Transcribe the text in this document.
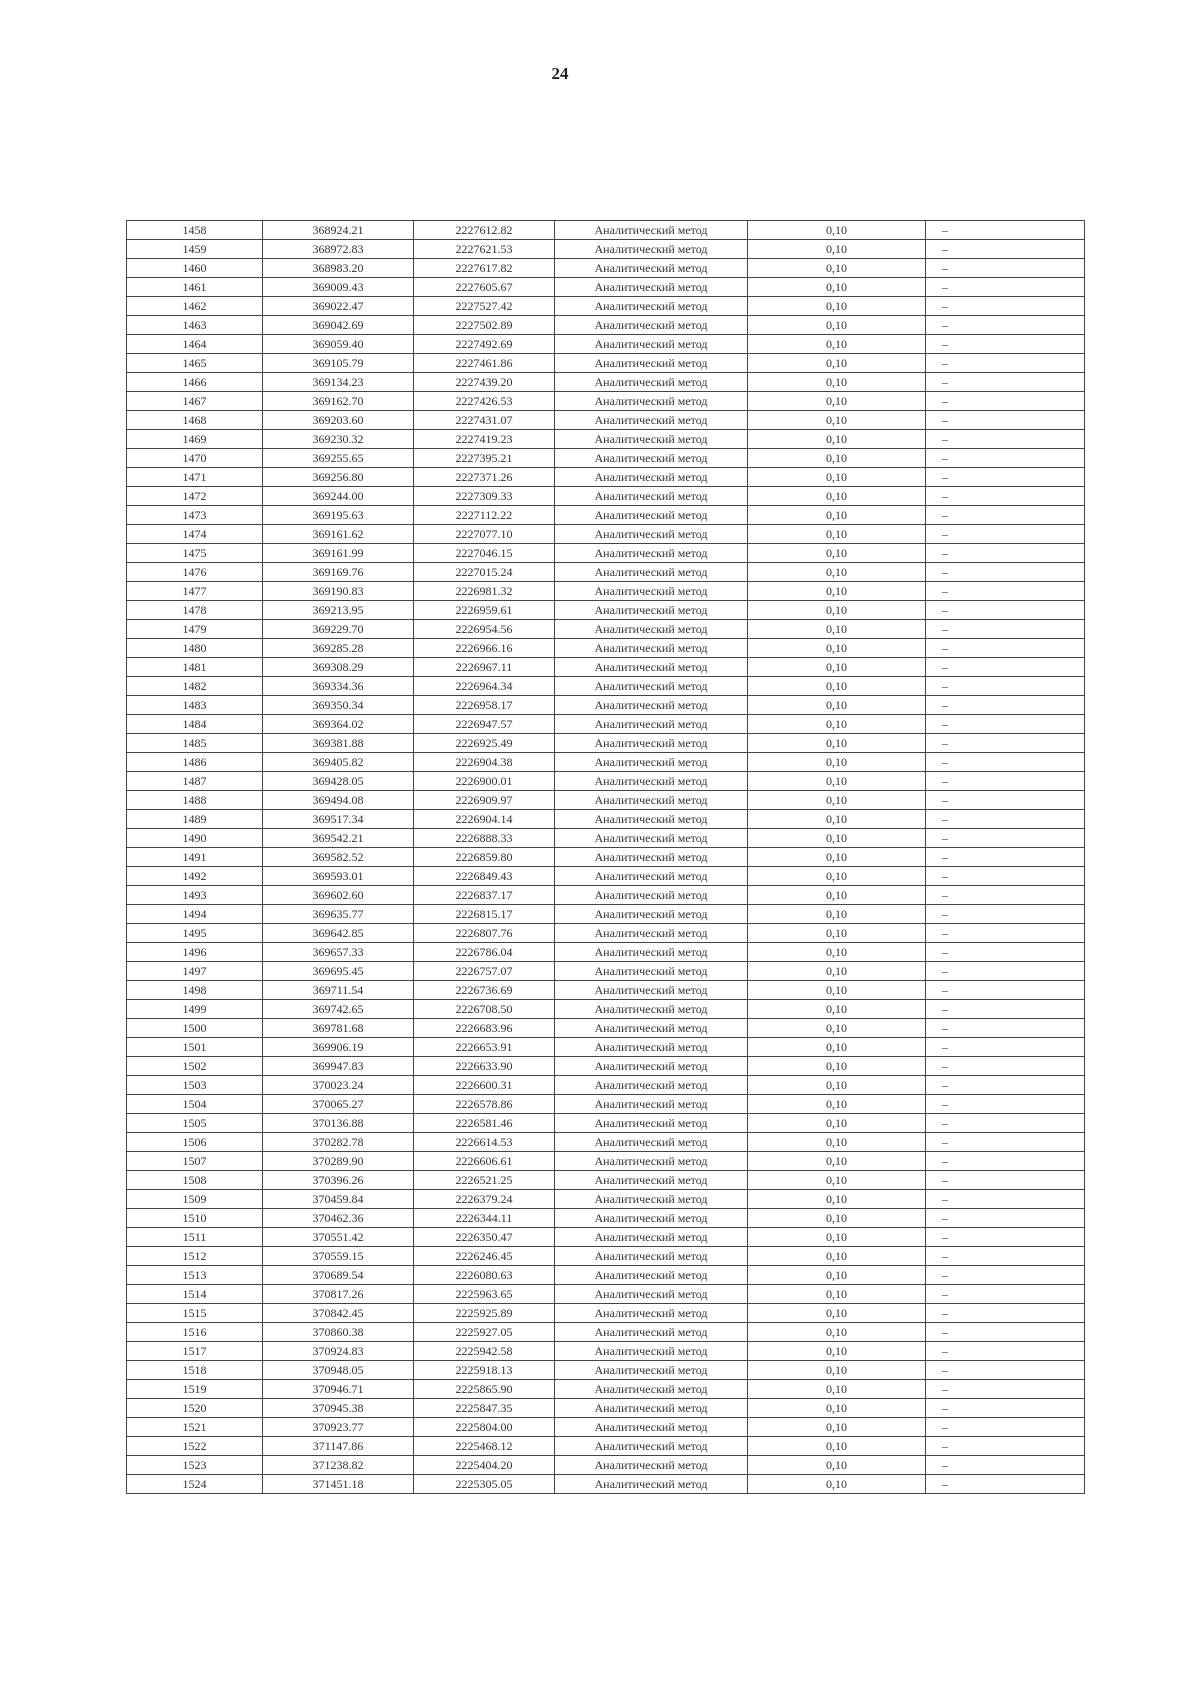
24
1458	368924.21	2227612.82	Аналитический метод	0,10	–
1459	368972.83	2227621.53	Аналитический метод	0,10	–
1460	368983.20	2227617.82	Аналитический метод	0,10	–
1461	369009.43	2227605.67	Аналитический метод	0,10	–
1462	369022.47	2227527.42	Аналитический метод	0,10	–
1463	369042.69	2227502.89	Аналитический метод	0,10	–
1464	369059.40	2227492.69	Аналитический метод	0,10	–
1465	369105.79	2227461.86	Аналитический метод	0,10	–
1466	369134.23	2227439.20	Аналитический метод	0,10	–
1467	369162.70	2227426.53	Аналитический метод	0,10	–
1468	369203.60	2227431.07	Аналитический метод	0,10	–
1469	369230.32	2227419.23	Аналитический метод	0,10	–
1470	369255.65	2227395.21	Аналитический метод	0,10	–
1471	369256.80	2227371.26	Аналитический метод	0,10	–
1472	369244.00	2227309.33	Аналитический метод	0,10	–
1473	369195.63	2227112.22	Аналитический метод	0,10	–
1474	369161.62	2227077.10	Аналитический метод	0,10	–
1475	369161.99	2227046.15	Аналитический метод	0,10	–
1476	369169.76	2227015.24	Аналитический метод	0,10	–
1477	369190.83	2226981.32	Аналитический метод	0,10	–
1478	369213.95	2226959.61	Аналитический метод	0,10	–
1479	369229.70	2226954.56	Аналитический метод	0,10	–
1480	369285.28	2226966.16	Аналитический метод	0,10	–
1481	369308.29	2226967.11	Аналитический метод	0,10	–
1482	369334.36	2226964.34	Аналитический метод	0,10	–
1483	369350.34	2226958.17	Аналитический метод	0,10	–
1484	369364.02	2226947.57	Аналитический метод	0,10	–
1485	369381.88	2226925.49	Аналитический метод	0,10	–
1486	369405.82	2226904.38	Аналитический метод	0,10	–
1487	369428.05	2226900.01	Аналитический метод	0,10	–
1488	369494.08	2226909.97	Аналитический метод	0,10	–
1489	369517.34	2226904.14	Аналитический метод	0,10	–
1490	369542.21	2226888.33	Аналитический метод	0,10	–
1491	369582.52	2226859.80	Аналитический метод	0,10	–
1492	369593.01	2226849.43	Аналитический метод	0,10	–
1493	369602.60	2226837.17	Аналитический метод	0,10	–
1494	369635.77	2226815.17	Аналитический метод	0,10	–
1495	369642.85	2226807.76	Аналитический метод	0,10	–
1496	369657.33	2226786.04	Аналитический метод	0,10	–
1497	369695.45	2226757.07	Аналитический метод	0,10	–
1498	369711.54	2226736.69	Аналитический метод	0,10	–
1499	369742.65	2226708.50	Аналитический метод	0,10	–
1500	369781.68	2226683.96	Аналитический метод	0,10	–
1501	369906.19	2226653.91	Аналитический метод	0,10	–
1502	369947.83	2226633.90	Аналитический метод	0,10	–
1503	370023.24	2226600.31	Аналитический метод	0,10	–
1504	370065.27	2226578.86	Аналитический метод	0,10	–
1505	370136.88	2226581.46	Аналитический метод	0,10	–
1506	370282.78	2226614.53	Аналитический метод	0,10	–
1507	370289.90	2226606.61	Аналитический метод	0,10	–
1508	370396.26	2226521.25	Аналитический метод	0,10	–
1509	370459.84	2226379.24	Аналитический метод	0,10	–
1510	370462.36	2226344.11	Аналитический метод	0,10	–
1511	370551.42	2226350.47	Аналитический метод	0,10	–
1512	370559.15	2226246.45	Аналитический метод	0,10	–
1513	370689.54	2226080.63	Аналитический метод	0,10	–
1514	370817.26	2225963.65	Аналитический метод	0,10	–
1515	370842.45	2225925.89	Аналитический метод	0,10	–
1516	370860.38	2225927.05	Аналитический метод	0,10	–
1517	370924.83	2225942.58	Аналитический метод	0,10	–
1518	370948.05	2225918.13	Аналитический метод	0,10	–
1519	370946.71	2225865.90	Аналитический метод	0,10	–
1520	370945.38	2225847.35	Аналитический метод	0,10	–
1521	370923.77	2225804.00	Аналитический метод	0,10	–
1522	371147.86	2225468.12	Аналитический метод	0,10	–
1523	371238.82	2225404.20	Аналитический метод	0,10	–
1524	371451.18	2225305.05	Аналитический метод	0,10	–
